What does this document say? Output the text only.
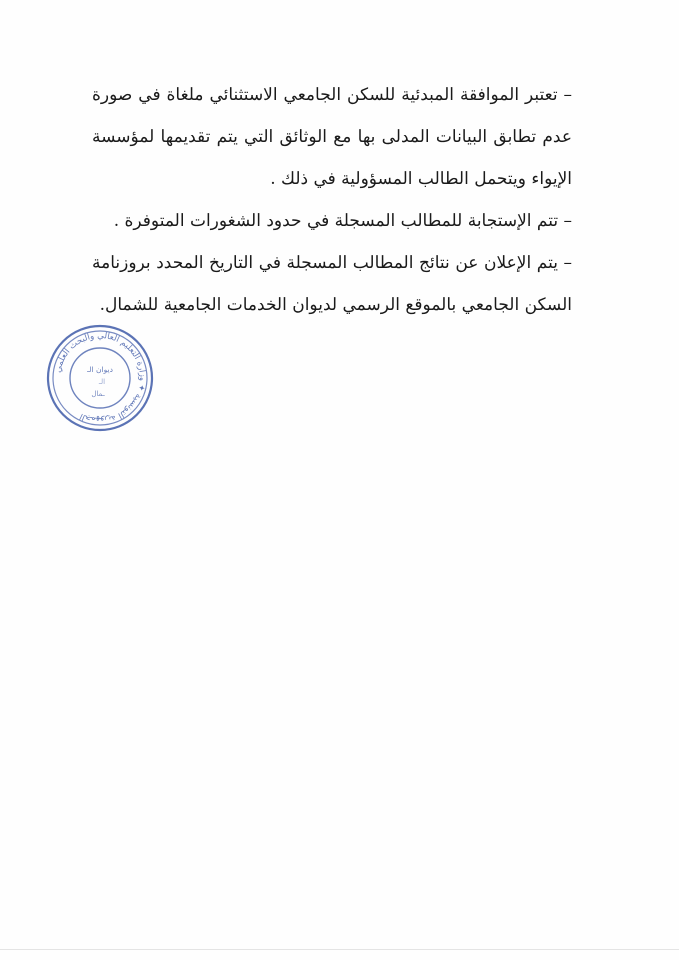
– تعتبر الموافقة المبدئية للسكن الجامعي الاستثنائي ملغاة في صورة عدم تطابق البيانات المدلى بها مع الوثائق التي يتم تقديمها لمؤسسة الإيواء ويتحمل الطالب المسؤولية في ذلك .

– تتم الإستجابة للمطالب المسجلة في حدود الشغورات المتوفرة .

– يتم الإعلان عن نتائج المطالب المسجلة في التاريخ المحدد بروزنامة السكن الجامعي بالموقع الرسمي لديوان الخدمات الجامعية للشمال.

الجمهورية التونسية ✦ وزارة التعليم العالي والبحث العلمي
ديوان الـ
الـ
ـمال
